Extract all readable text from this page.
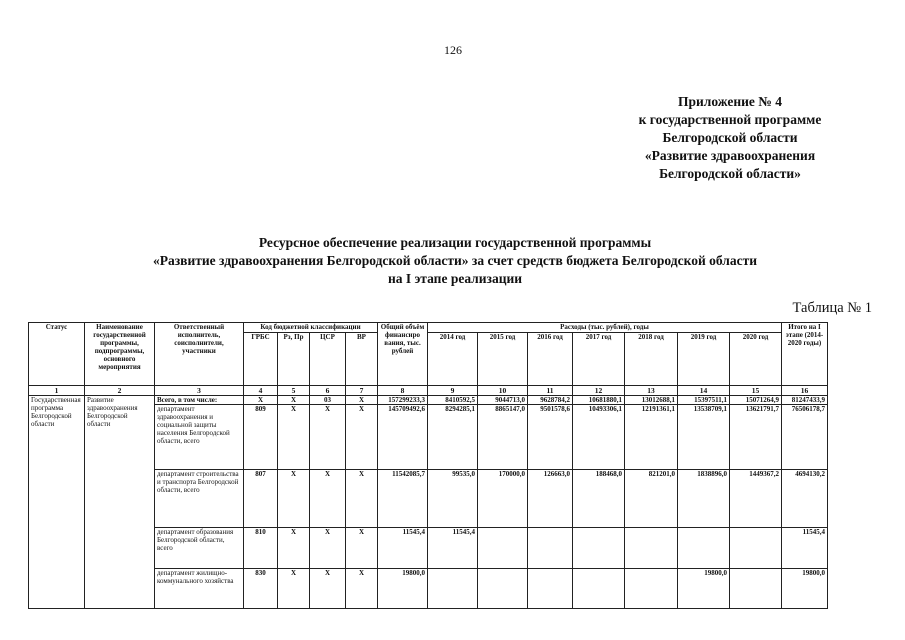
126
Приложение № 4
к государственной программе
Белгородской области
«Развитие здравоохранения
Белгородской области»
Ресурсное обеспечение реализации государственной программы
«Развитие здравоохранения Белгородской области» за счет средств бюджета Белгородской области
на I этапе реализации
Таблица № 1
Статус	Наименование государственной программы, подпрограммы, основного мероприятия	Ответственный исполнитель, соисполнители, участники	Код бюджетной классификации				Общий объём финансиро вания, тыс. рублей	Расходы (тыс. рублей), годы							Итого на I этапе (2014-2020 годы)
			ГРБС	Рз, Пр	ЦСР	ВР		2014 год	2015 год	2016 год	2017 год	2018 год	2019 год	2020 год	
1	2	3	4	5	6	7	8	9	10	11	12	13	14	15	16
Государственная программа Белгородской области	Развитие здравоохранения Белгородской области	Всего, в том числе:	X	X	03	X	157299233,3	8410592,5	9044713,0	9628784,2	10681880,1	13012688,1	15397511,1	15071264,9	81247433,9
		департамент здравоохранения и социальной защиты населения Белгородской области, всего	809	X	X	X	145709492,6	8294285,1	8865147,0	9501578,6	10493306,1	12191361,1	13538709,1	13621791,7	76506178,7
		департамент строительства и транспорта Белгородской области, всего	807	X	X	X	11542085,7	99535,0	170000,0	126663,0	188468,0	821201,0	1838896,0	1449367,2	4694130,2
		департамент образования Белгородской области, всего	810	X	X	X	11545,4	11545,4							11545,4
		департамент жилищно-коммунального хозяйства	830	X	X	X	19800,0						19800,0		19800,0
